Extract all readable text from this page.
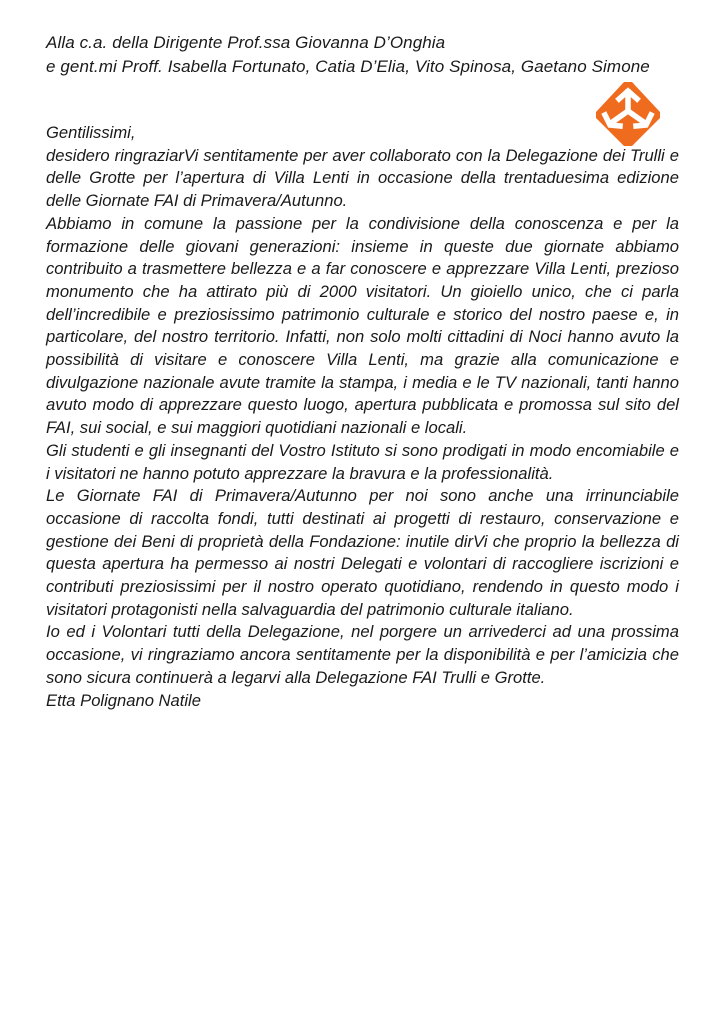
Alla c.a. della Dirigente Prof.ssa Giovanna D’Onghia
e gent.mi Proff. Isabella Fortunato, Catia D’Elia, Vito Spinosa, Gaetano Simone

Gentilissimi,

desidero ringraziarVi sentitamente per aver collaborato con la Delegazione dei Trulli e delle Grotte per l’apertura di Villa Lenti in occasione della trentaduesima edizione delle Giornate FAI di Primavera/Autunno.

Abbiamo in comune la passione per la condivisione della conoscenza e per la formazione delle giovani generazioni: insieme in queste due giornate abbiamo contribuito a trasmettere bellezza e a far conoscere e apprezzare Villa Lenti, prezioso monumento che ha attirato più di 2000 visitatori. Un gioiello unico, che ci parla dell’incredibile e preziosissimo patrimonio culturale e storico del nostro paese e, in particolare, del nostro territorio. Infatti, non solo molti cittadini di Noci hanno avuto la possibilità di visitare e conoscere Villa Lenti, ma grazie alla comunicazione e divulgazione nazionale avute tramite la stampa, i media e le TV nazionali, tanti hanno avuto modo di apprezzare questo luogo, apertura pubblicata e promossa sul sito del FAI, sui social, e sui maggiori quotidiani nazionali e locali.

Gli studenti e gli insegnanti del Vostro Istituto si sono prodigati in modo encomiabile e i visitatori ne hanno potuto apprezzare la bravura e la professionalità.

Le Giornate FAI di Primavera/Autunno per noi sono anche una irrinunciabile occasione di raccolta fondi, tutti destinati ai progetti di restauro, conservazione e gestione dei Beni di proprietà della Fondazione: inutile dirVi che proprio la bellezza di questa apertura ha permesso ai nostri Delegati e volontari di raccogliere iscrizioni e contributi preziosissimi per il nostro operato quotidiano, rendendo in questo modo i visitatori protagonisti nella salvaguardia del patrimonio culturale italiano.

Io ed i Volontari tutti della Delegazione, nel porgere un arrivederci ad una prossima occasione, vi ringraziamo ancora sentitamente per la disponibilità e per l’amicizia che sono sicura continuerà a legarvi alla Delegazione FAI Trulli e Grotte.

Etta Polignano Natile
